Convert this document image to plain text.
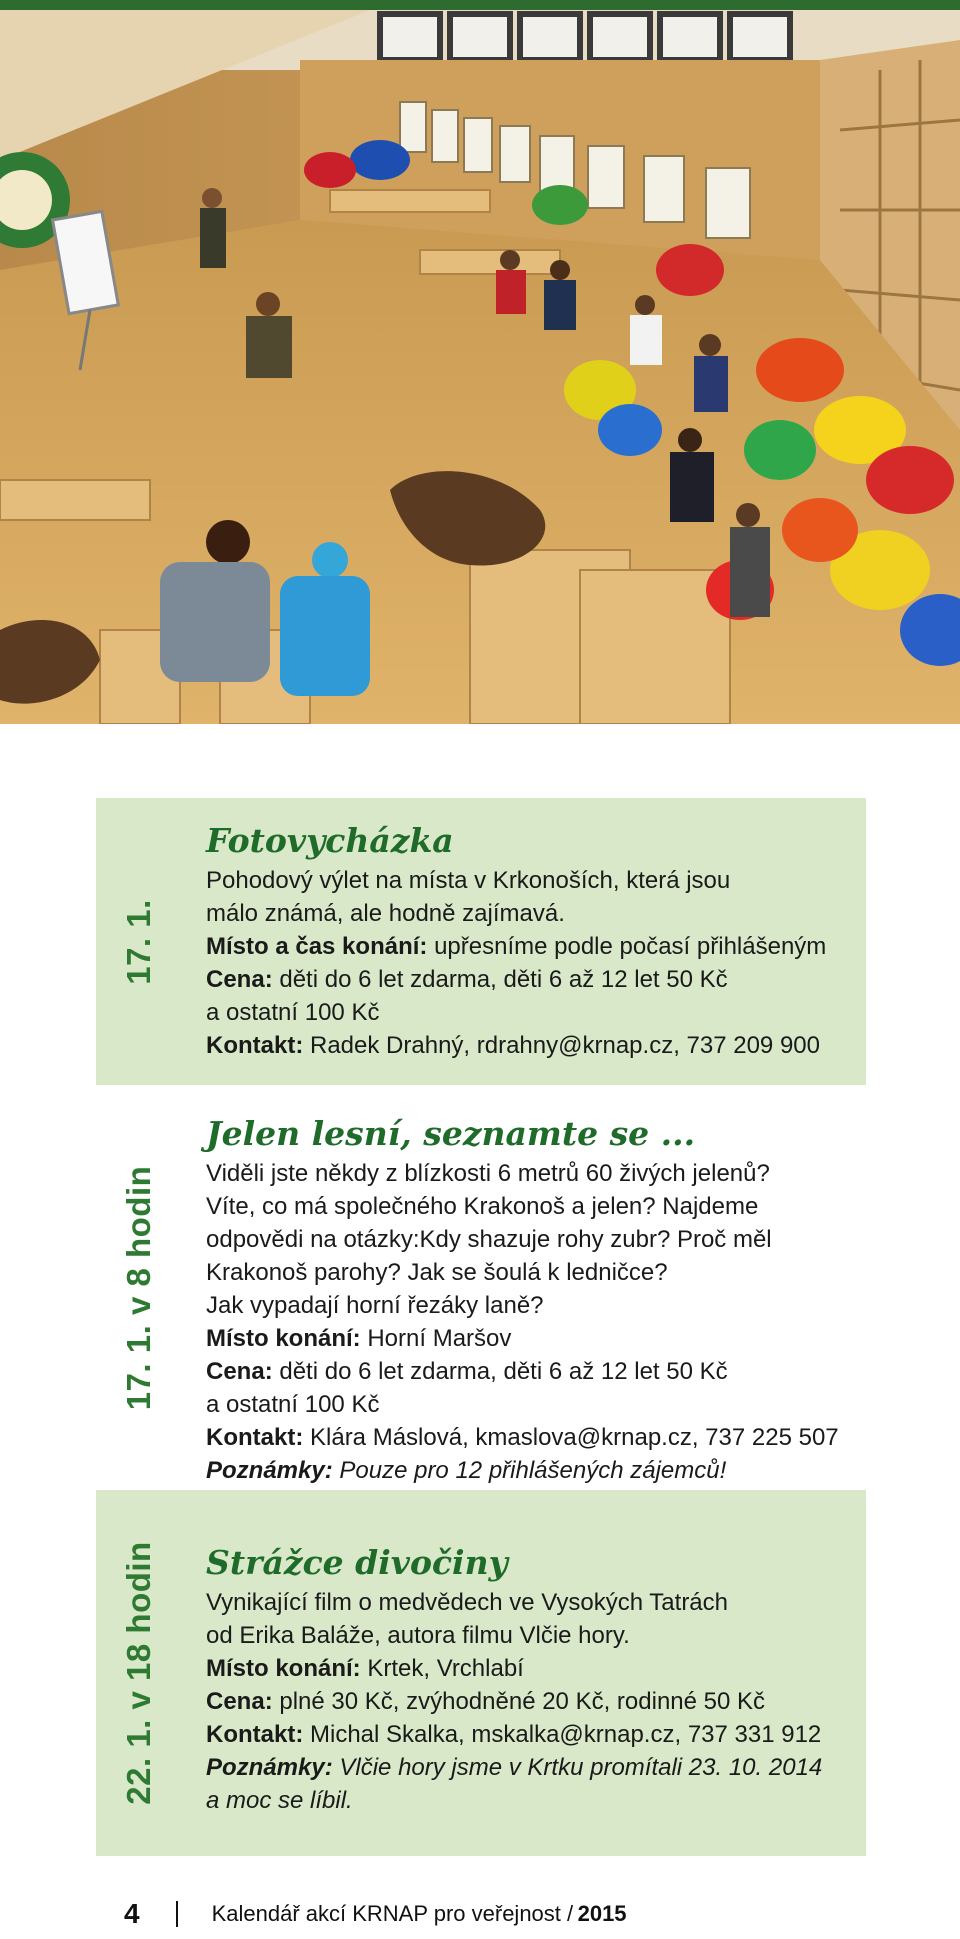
17. 1.
Fotovycházka
Pohodový výlet na místa v Krkonoších, která jsou
málo známá, ale hodně zajímavá.
Místo a čas konání: upřesníme podle počasí přihlášeným
Cena: děti do 6 let zdarma, děti 6 až 12 let 50 Kč
a ostatní 100 Kč
Kontakt: Radek Drahný, rdrahny@krnap.cz, 737 209 900
17. 1. v 8 hodin
Jelen lesní, seznamte se ...
Viděli jste někdy z blízkosti 6 metrů 60 živých jelenů?
Víte, co má společného Krakonoš a jelen? Najdeme
odpovědi na otázky:Kdy shazuje rohy zubr? Proč měl
Krakonoš parohy? Jak se šoulá k ledničce?
Jak vypadají horní řezáky laně?
Místo konání: Horní Maršov
Cena: děti do 6 let zdarma, děti 6 až 12 let 50 Kč
a ostatní 100 Kč
Kontakt: Klára Máslová, kmaslova@krnap.cz, 737 225 507
Poznámky: Pouze pro 12 přihlášených zájemců!
22. 1. v 18 hodin Strážce divočiny
Vynikající film o medvědech ve Vysokých Tatrách
od Erika Baláže, autora filmu Vlčie hory.
Místo konání: Krtek, Vrchlabí
Cena: plné 30 Kč, zvýhodněné 20 Kč, rodinné 50 Kč
Kontakt: Michal Skalka, mskalka@krnap.cz, 737 331 912
Poznámky: Vlčie hory jsme v Krtku promítali 23. 10. 2014
a moc se líbil.
4	Kalendář akcí KRNAP pro veřejnost /
2015
